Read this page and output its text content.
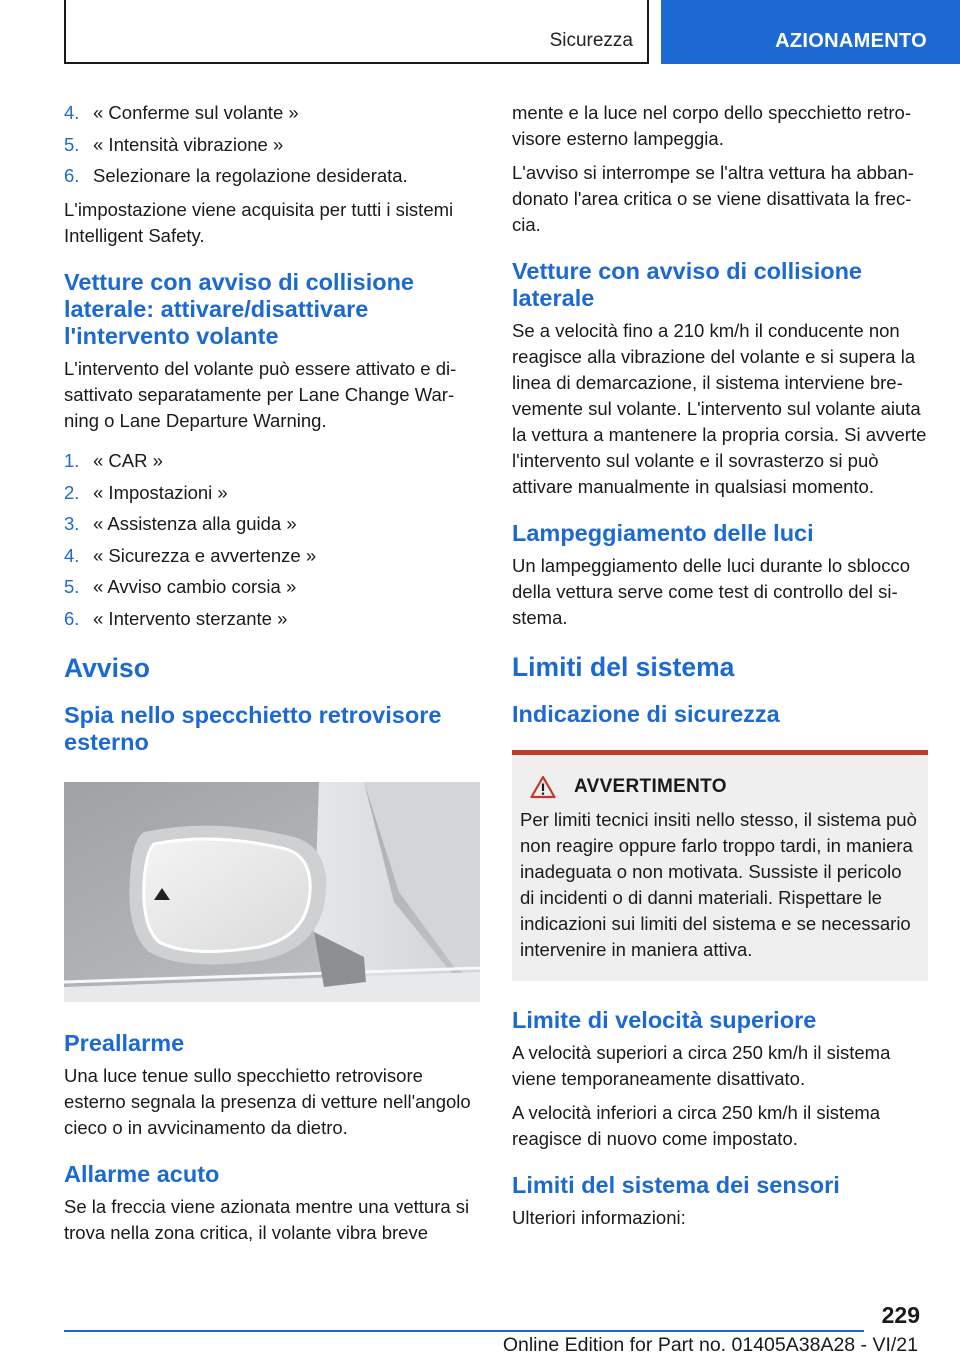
Sicurezza	AZIONAMENTO
4. « Conferme sul volante »
5. « Intensità vibrazione »
6. Selezionare la regolazione desiderata.

L'impostazione viene acquisita per tutti i sistemi Intelligent Safety.

Vetture con avviso di collisione laterale: attivare/disattivare l'intervento volante

L'intervento del volante può essere attivato e disattivato separatamente per Lane Change Warning o Lane Departure Warning.

1. « CAR »
2. « Impostazioni »
3. « Assistenza alla guida »
4. « Sicurezza e avvertenze »
5. « Avviso cambio corsia »
6. « Intervento sterzante »
Avviso
Spia nello specchietto retrovisore esterno
Preallarme

Una luce tenue sullo specchietto retrovisore esterno segnala la presenza di vetture nell'angolo cieco o in avvicinamento da dietro.

Allarme acuto

Se la freccia viene azionata mentre una vettura si trova nella zona critica, il volante vibra breve

mente e la luce nel corpo dello specchietto retrovisore esterno lampeggia.

L'avviso si interrompe se l'altra vettura ha abbandonato l'area critica o se viene disattivata la freccia.

Vetture con avviso di collisione laterale

Se a velocità fino a 210 km/h il conducente non reagisce alla vibrazione del volante e si supera la linea di demarcazione, il sistema interviene brevemente sul volante. L'intervento sul volante aiuta la vettura a mantenere la propria corsia. Si avverte l'intervento sul volante e il sovrasterzo si può attivare manualmente in qualsiasi momento.

Lampeggiamento delle luci

Un lampeggiamento delle luci durante lo sblocco della vettura serve come test di controllo del sistema.

Limiti del sistema
Indicazione di sicurezza
AVVERTIMENTO

Per limiti tecnici insiti nello stesso, il sistema può non reagire oppure farlo troppo tardi, in maniera inadeguata o non motivata. Sussiste il pericolo di incidenti o di danni materiali. Rispettare le indicazioni sui limiti del sistema e se necessario intervenire in maniera attiva.

Limite di velocità superiore

A velocità superiori a circa 250 km/h il sistema viene temporaneamente disattivato.

A velocità inferiori a circa 250 km/h il sistema reagisce di nuovo come impostato.

Limiti del sistema dei sensori

Ulteriori informazioni:

229
Online Edition for Part no. 01405A38A28 - VI/21
